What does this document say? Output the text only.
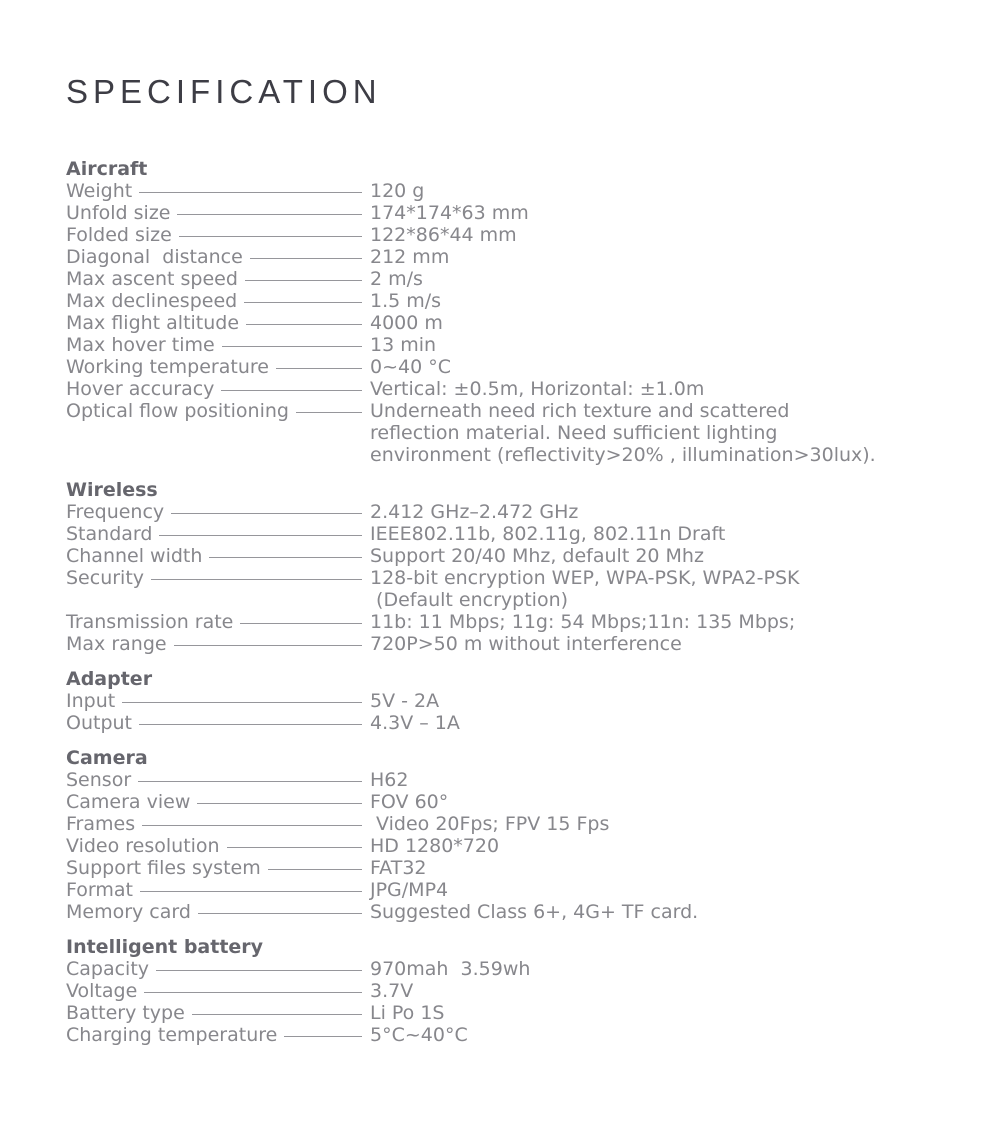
SPECIFICATION
Aircraft
Weight	120 g
Unfold size	174*174*63 mm
Folded size	122*86*44 mm
Diagonal  distance	212 mm
Max ascent speed	2 m/s
Max declinespeed	1.5 m/s
Max flight altitude	4000 m
Max hover time	13 min
Working temperature	0~40 °C
Hover accuracy	Vertical: ±0.5m, Horizontal: ±1.0m
Optical flow positioning	Underneath need rich texture and scattered
reflection material. Need sufficient lighting
environment (reflectivity>20% , illumination>30lux).
Wireless
Frequency	2.412 GHz–2.472 GHz
Standard	IEEE802.11b, 802.11g, 802.11n Draft
Channel width	Support 20/40 Mhz, default 20 Mhz
Security	128-bit encryption WEP, WPA-PSK, WPA2-PSK
(Default encryption)
Transmission rate	11b: 11 Mbps; 11g: 54 Mbps;11n: 135 Mbps;
Max range	720P>50 m without interference
Adapter
Input	5V - 2A
Output	4.3V – 1A
Camera
Sensor	H62
Camera view	FOV 60°
Frames	Video 20Fps; FPV 15 Fps
Video resolution	HD 1280*720
Support files system	FAT32
Format	JPG/MP4
Memory card	Suggested Class 6+, 4G+ TF card.
Intelligent battery
Capacity	970mah  3.59wh
Voltage	3.7V
Battery type	Li Po 1S
Charging temperature	5°C~40°C
